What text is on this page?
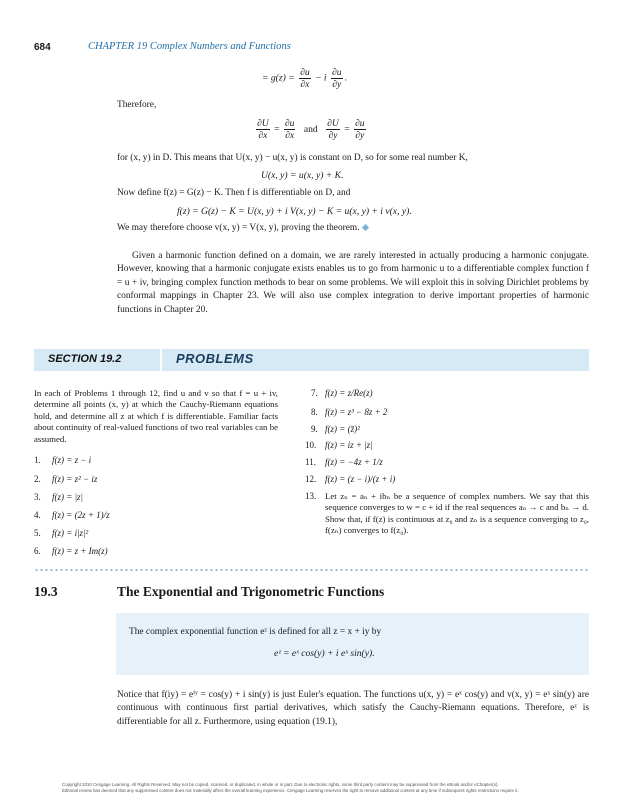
684	CHAPTER 19 Complex Numbers and Functions
= $g(z) = \frac{\partial u}{\partial x} - i \frac{\partial u}{\partial y}$ .
Therefore,
$\frac{\partial U}{\partial x} = \frac{\partial u}{\partial x}$ and $\frac{\partial U}{\partial y} = \frac{\partial u}{\partial y}$
for (x, y) in D. This means that U(x, y) − u(x, y) is constant on D, so for some real number K,
U(x, y) = u(x, y) + K.
Now define f(z) = G(z) − K. Then f is differentiable on D, and
f(z) = G(z) − K = U(x, y) + i V(x, y) − K = u(x, y) + i v(x, y).
We may therefore choose v(x, y) = V(x, y), proving the theorem. ◆
Given a harmonic function defined on a domain, we are rarely interested in actually producing a harmonic conjugate. However, knowing that a harmonic conjugate exists enables us to go from harmonic u to a differentiable complex function f = u + iv, bringing complex function methods to bear on some problems. We will exploit this in solving Dirichlet problems by conformal mappings in Chapter 23. We will also use complex integration to derive important properties of harmonic functions in Chapter 20.
SECTION 19.2	PROBLEMS
In each of Problems 1 through 12, find u and v so that f = u + iv, determine all points (x, y) at which the Cauchy-Riemann equations hold, and determine all z at which f is differentiable. Familiar facts about continuity of real-valued functions of two real variables can be assumed.
1. f(z) = z − i
2. f(z) = z² − iz
3. f(z) = |z|
4. f(z) = (2z + 1)/z
5. f(z) = i|z|²
6. f(z) = z + Im(z)
7. f(z) = z/Re(z)
8. f(z) = z³ − 8z + 2
9. f(z) = (z̄)²
10. f(z) = iz + |z|
11. f(z) = −4z + 1/z
12. f(z) = (z − i)/(z + i)
13. Let zₙ = aₙ + ibₙ be a sequence of complex numbers. We say that this sequence converges to w = c + id if the real sequences aₙ → c and bₙ → d. Show that, if f(z) is continuous at z₀ and zₙ is a sequence converging to z₀, f(zₙ) converges to f(z₀).
19.3	The Exponential and Trigonometric Functions
The complex exponential function eᶻ is defined for all z = x + iy by
eᶻ = eˣ cos(y) + i eˣ sin(y).
Notice that f(iy) = eⁱʸ = cos(y) + i sin(y) is just Euler's equation. The functions u(x, y) = eˣ cos(y) and v(x, y) = eˣ sin(y) are continuous with continuous first partial derivatives, which satisfy the Cauchy-Riemann equations. Therefore, eᶻ is differentiable for all z. Furthermore, using equation (19.1),
Copyright 2010 Cengage Learning. All Rights Reserved. May not be copied, scanned, or duplicated, in whole or in part. Due to electronic rights, some third party content may be suppressed from the eBook and/or eChapter(s).
Editorial review has deemed that any suppressed content does not materially affect the overall learning experience. Cengage Learning reserves the right to remove additional content at any time if subsequent rights restrictions require it.
